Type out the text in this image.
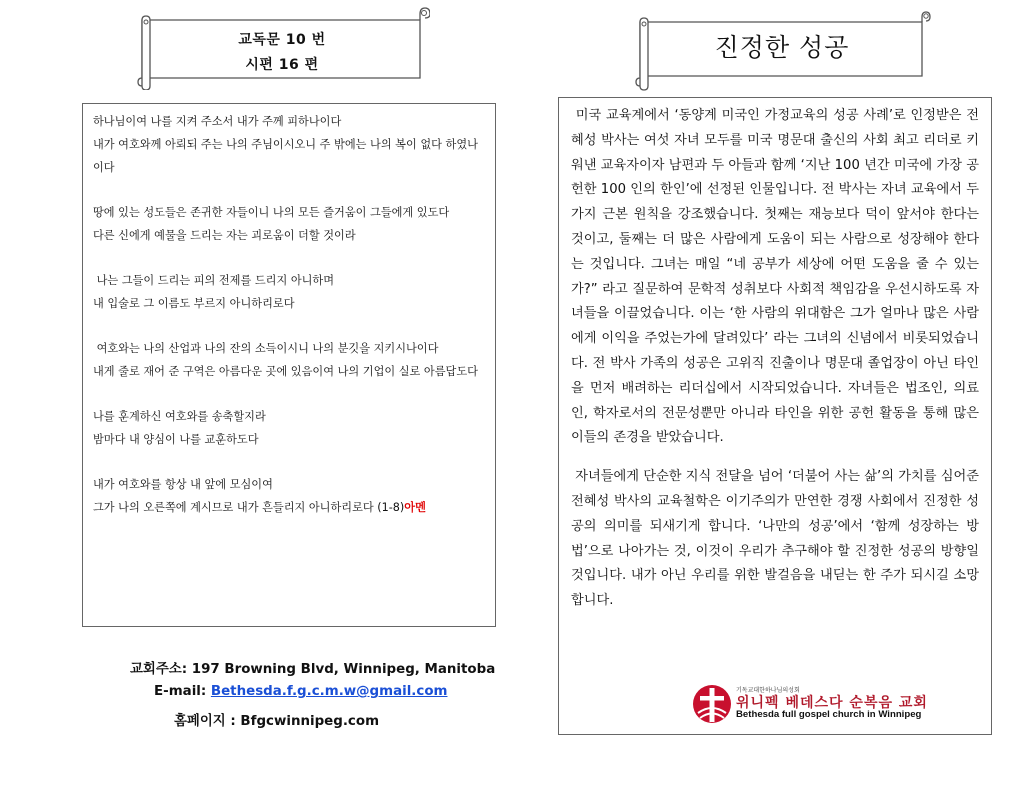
교독문 10 번
시편 16 편
진정한 성공
하나님이여 나를 지켜 주소서 내가 주께 피하나이다
내가 여호와께 아뢰되 주는 나의 주님이시오니 주 밖에는 나의 복이 없다 하였나이다
땅에 있는 성도들은 존귀한 자들이니 나의 모든 즐거움이 그들에게 있도다
다른 신에게 예물을 드리는 자는 괴로움이 더할 것이라
나는 그들이 드리는 피의 전제를 드리지 아니하며
내 입술로 그 이름도 부르지 아니하리로다
여호와는 나의 산업과 나의 잔의 소득이시니 나의 분깃을 지키시나이다
내게 줄로 재어 준 구역은 아름다운 곳에 있음이여 나의 기업이 실로 아름답도다
나를 훈계하신 여호와를 송축할지라
밤마다 내 양심이 나를 교훈하도다
내가 여호와를 항상 내 앞에 모심이여
그가 나의 오른쪽에 계시므로 내가 흔들리지 아니하리로다 (1-8)아멘

미국 교육계에서 ‘동양계 미국인 가정교육의 성공 사례’로 인정받은 전혜성 박사는 여섯 자녀 모두를 미국 명문대 출신의 사회 최고 리더로 키워낸 교육자이자 남편과 두 아들과 함께 ‘지난 100 년간 미국에 가장 공헌한 100 인의 한인’에 선정된 인물입니다. 전 박사는 자녀 교육에서 두 가지 근본 원칙을 강조했습니다. 첫째는 재능보다 덕이 앞서야 한다는 것이고, 둘째는 더 많은 사람에게 도움이 되는 사람으로 성장해야 한다는 것입니다. 그녀는 매일 “네 공부가 세상에 어떤 도움을 줄 수 있는가?” 라고 질문하여 문학적 성취보다 사회적 책임감을 우선시하도록 자녀들을 이끌었습니다. 이는 ‘한 사람의 위대함은 그가 얼마나 많은 사람에게 이익을 주었는가에 달려있다’ 라는 그녀의 신념에서 비롯되었습니다. 전 박사 가족의 성공은 고위직 진출이나 명문대 졸업장이 아닌 타인을 먼저 배려하는 리더십에서 시작되었습니다. 자녀들은 법조인, 의료인, 학자로서의 전문성뿐만 아니라 타인을 위한 공헌 활동을 통해 많은 이들의 존경을 받았습니다.

자녀들에게 단순한 지식 전달을 넘어 ‘더불어 사는 삶’의 가치를 심어준 전혜성 박사의 교육철학은 이기주의가 만연한 경쟁 사회에서 진정한 성공의 의미를 되새기게 합니다. ‘나만의 성공’에서 ‘함께 성장하는 방법’으로 나아가는 것, 이것이 우리가 추구해야 할 진정한 성공의 방향일 것입니다. 내가 아닌 우리를 위한 발걸음을 내딛는 한 주가 되시길 소망합니다.

교회주소: 197 Browning Blvd, Winnipeg, Manitoba
E-mail: Bethesda.f.g.c.m.w@gmail.com
홈페이지 : Bfgcwinnipeg.com
기독교대한하나님의성회
위니펙 베데스다 순복음 교회
Bethesda full gospel church in Winnipeg
